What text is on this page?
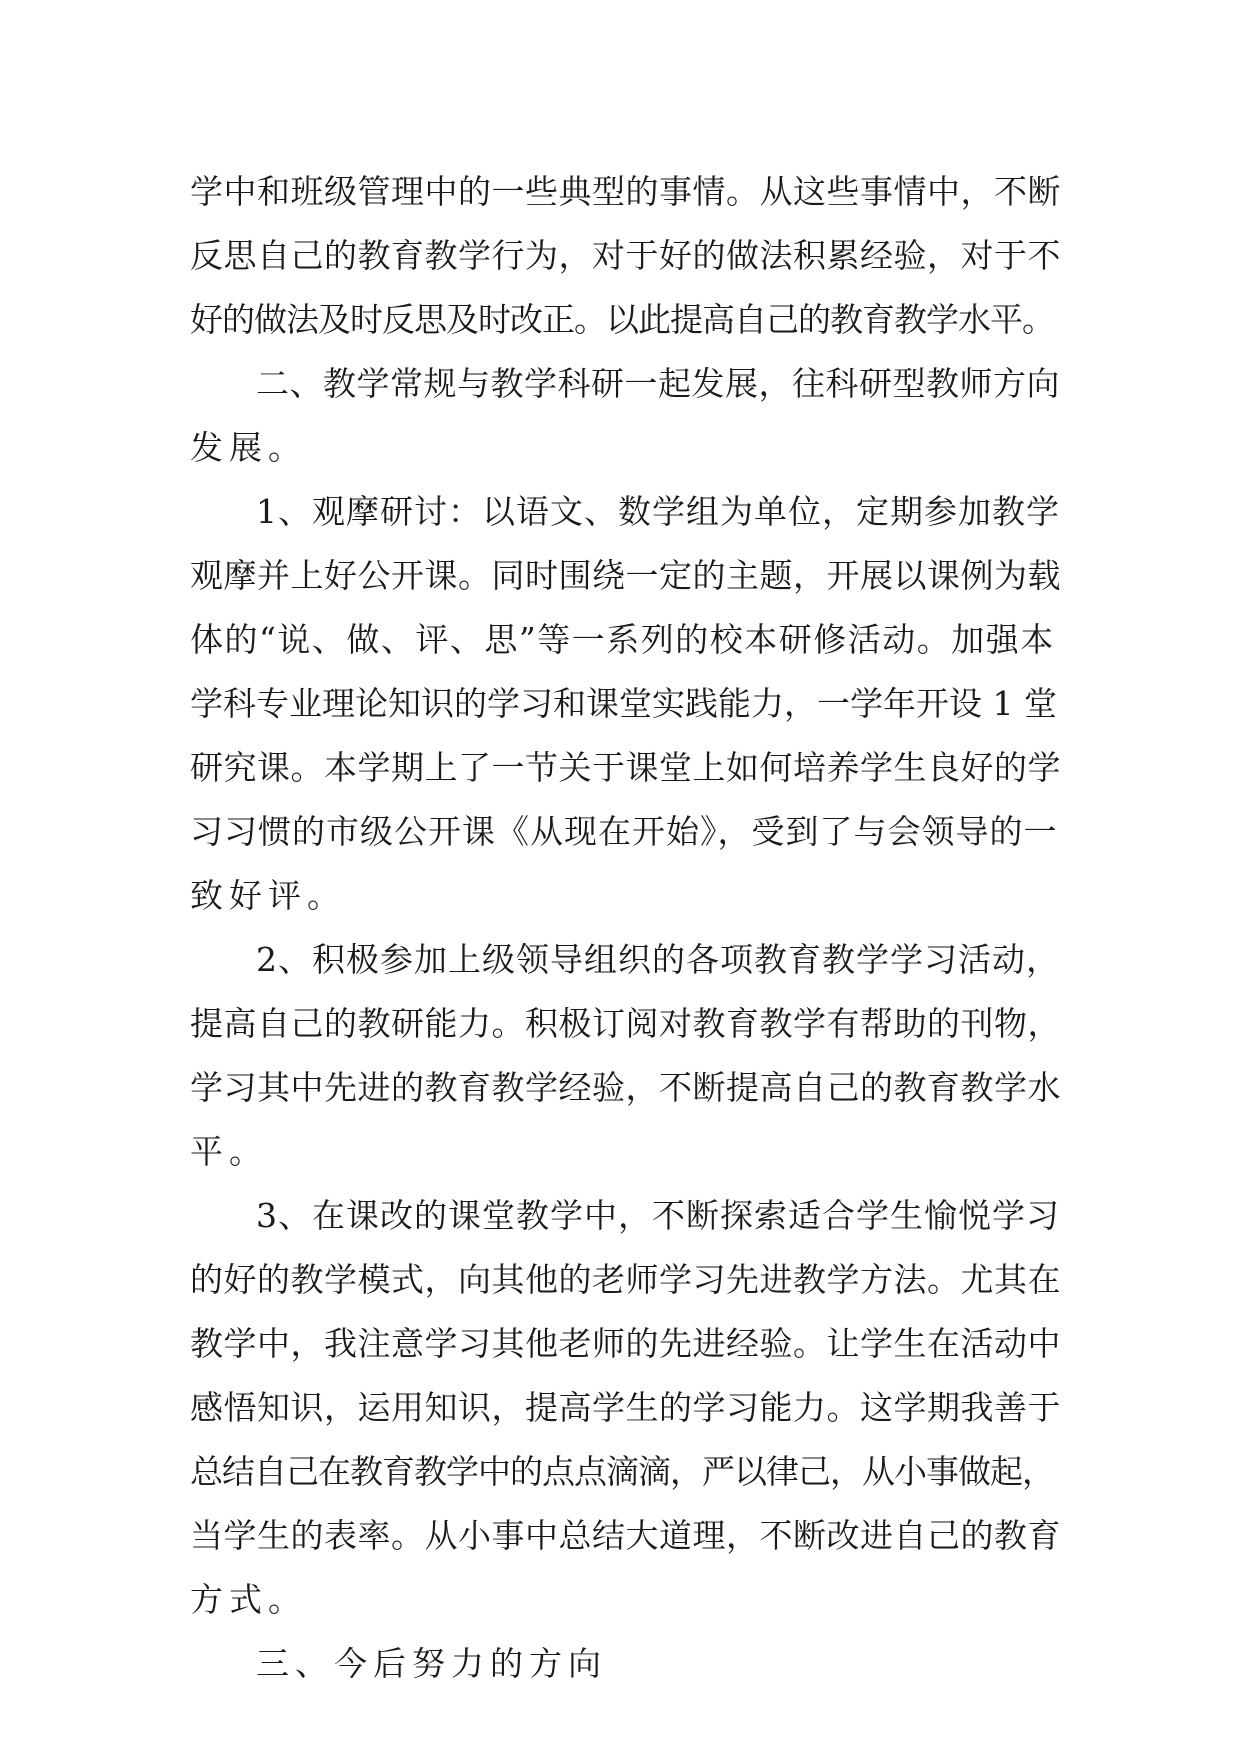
学中和班级管理中的一些典型的事情。从这些事情中，不断
反思自己的教育教学行为，对于好的做法积累经验，对于不
好的做法及时反思及时改正。以此提高自己的教育教学水平。
二、教学常规与教学科研一起发展，往科研型教师方向
发展。
1、观摩研讨：以语文、数学组为单位，定期参加教学
观摩并上好公开课。同时围绕一定的主题，开展以课例为载
体的“说、做、评、思”等一系列的校本研修活动。加强本
学科专业理论知识的学习和课堂实践能力，一学年开设 1 堂
研究课。本学期上了一节关于课堂上如何培养学生良好的学
习习惯的市级公开课《从现在开始》，受到了与会领导的一
致好评。
2、积极参加上级领导组织的各项教育教学学习活动，
提高自己的教研能力。积极订阅对教育教学有帮助的刊物，
学习其中先进的教育教学经验，不断提高自己的教育教学水
平。
3、在课改的课堂教学中，不断探索适合学生愉悦学习
的好的教学模式，向其他的老师学习先进教学方法。尤其在
教学中，我注意学习其他老师的先进经验。让学生在活动中
感悟知识，运用知识，提高学生的学习能力。这学期我善于
总结自己在教育教学中的点点滴滴，严以律己，从小事做起，
当学生的表率。从小事中总结大道理，不断改进自己的教育
方式。
三、今后努力的方向
